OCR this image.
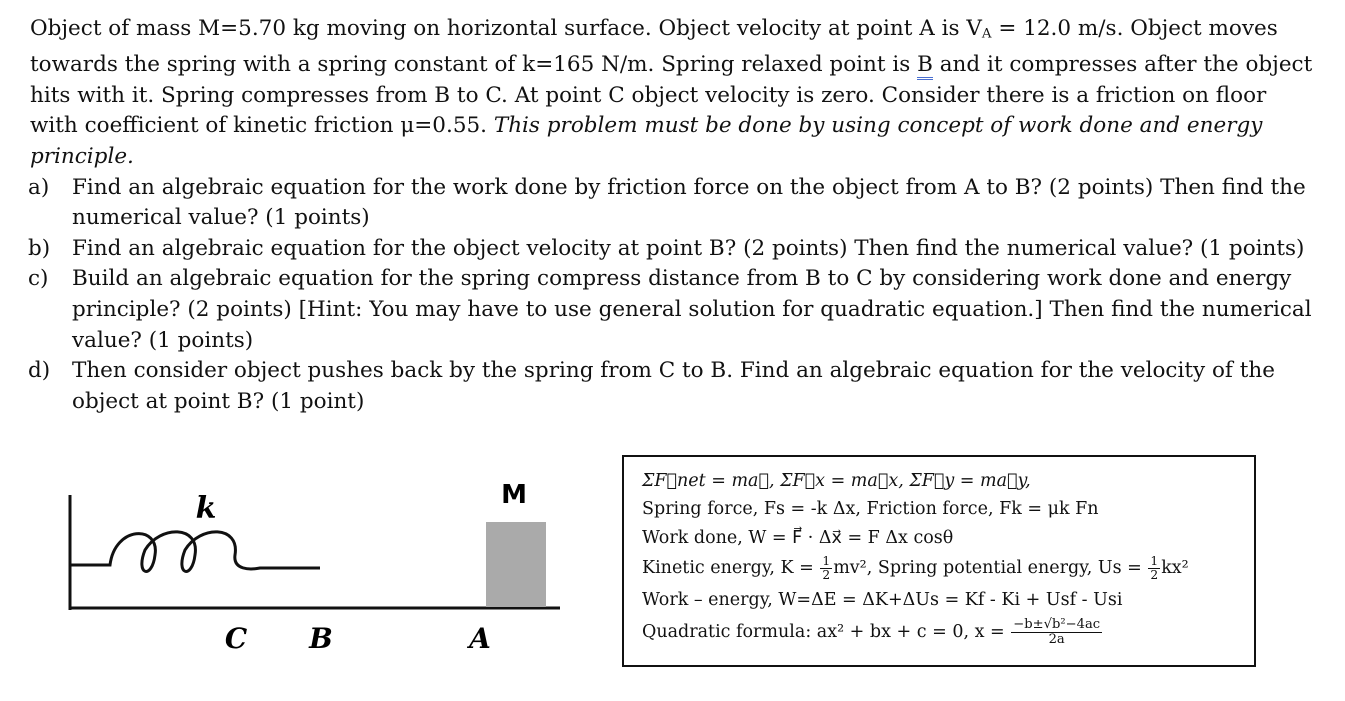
Object of mass M=5.70 kg moving on horizontal surface. Object velocity at point A is VA = 12.0 m/s. Object moves towards the spring with a spring constant of k=165 N/m. Spring relaxed point is B and it compresses after the object hits with it. Spring compresses from B to C. At point C object velocity is zero. Consider there is a friction on floor with coefficient of kinetic friction μ=0.55. This problem must be done by using concept of work done and energy principle.

a) Find an algebraic equation for the work done by friction force on the object from A to B? (2 points) Then find the numerical value? (1 points)
b) Find an algebraic equation for the object velocity at point B? (2 points) Then find the numerical value? (1 points)
c) Build an algebraic equation for the spring compress distance from B to C by considering work done and energy principle? (2 points) [Hint: You may have to use general solution for quadratic equation.] Then find the numerical value? (1 points)
d) Then consider object pushes back by the spring from C to B. Find an algebraic equation for the velocity of the object at point B? (1 point)
k	M
C B	A
ΣF⃗net = ma⃗, ΣF⃗x = ma⃗x, ΣF⃗y = ma⃗y,
Spring force, Fs = -k Δx, Friction force, Fk = μk Fn
Work done, W = F⃗ · Δx⃗ = F Δx cosθ
Kinetic energy, $K = \frac{1}{2} mv^2$, Spring potential energy, $Us = \frac{1}{2} kx^2$
Work – energy, W=ΔE = ΔK+ΔUs = Kf - Ki + Usf - Usi
Quadratic formula: ax² + bx + c = 0, $x = \frac{\text{−b±√b²−4ac}}{2a}$
